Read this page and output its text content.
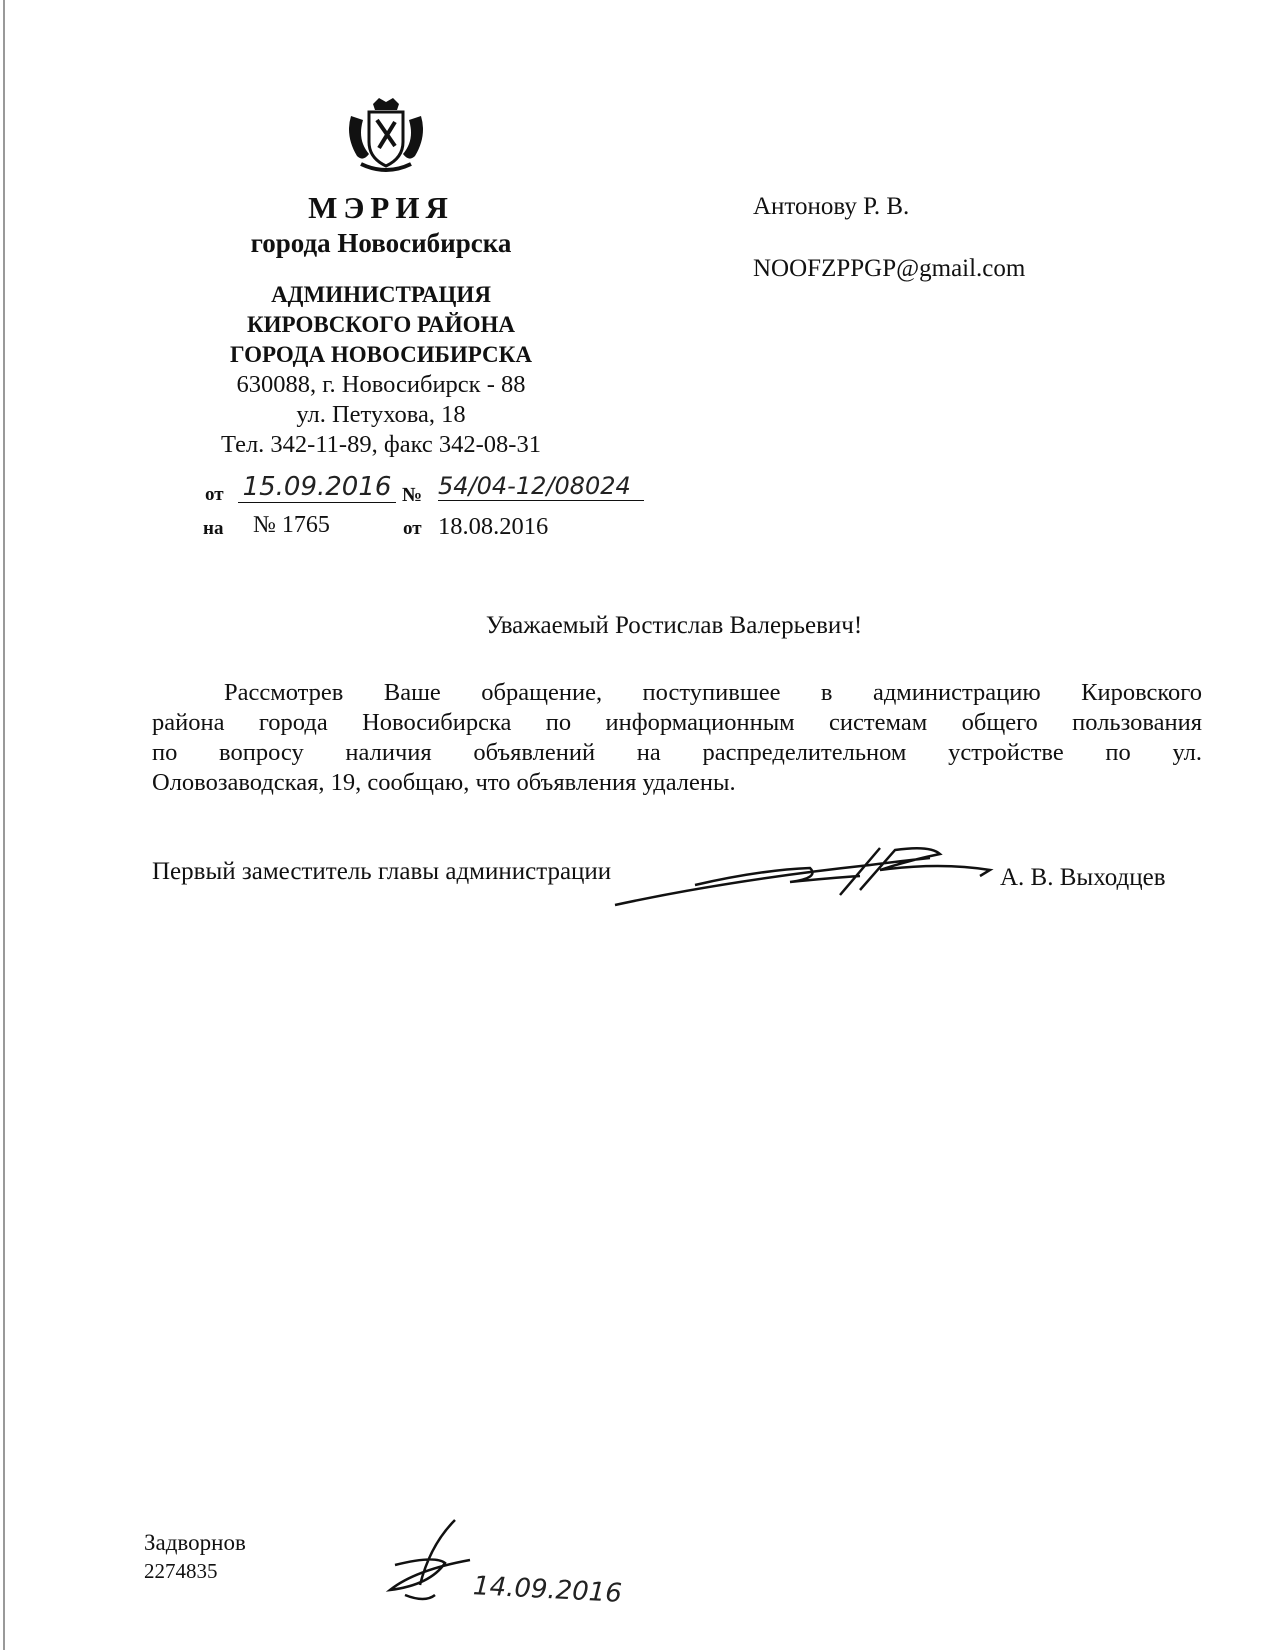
МЭРИЯ
города Новосибирска
АДМИНИСТРАЦИЯ
КИРОВСКОГО РАЙОНА
ГОРОДА НОВОСИБИРСКА
630088, г. Новосибирск - 88
ул. Петухова, 18
Тел. 342-11-89, факс 342-08-31
от 15.09.2016 № 54/04-12/08024
на № 1765	от 18.08.2016
Антонову Р. В.
NOOFZPPGP@gmail.com
Уважаемый Ростислав Валерьевич!
Рассмотрев Ваше обращение, поступившее в администрацию Кировского
района города Новосибирска по информационным системам общего пользования
по вопросу наличия объявлений на распределительном устройстве по ул.
Оловозаводская, 19, сообщаю, что объявления удалены.
Первый заместитель главы администрации	А. В. Выходцев
Задворнов
2274835
14.09.2016
